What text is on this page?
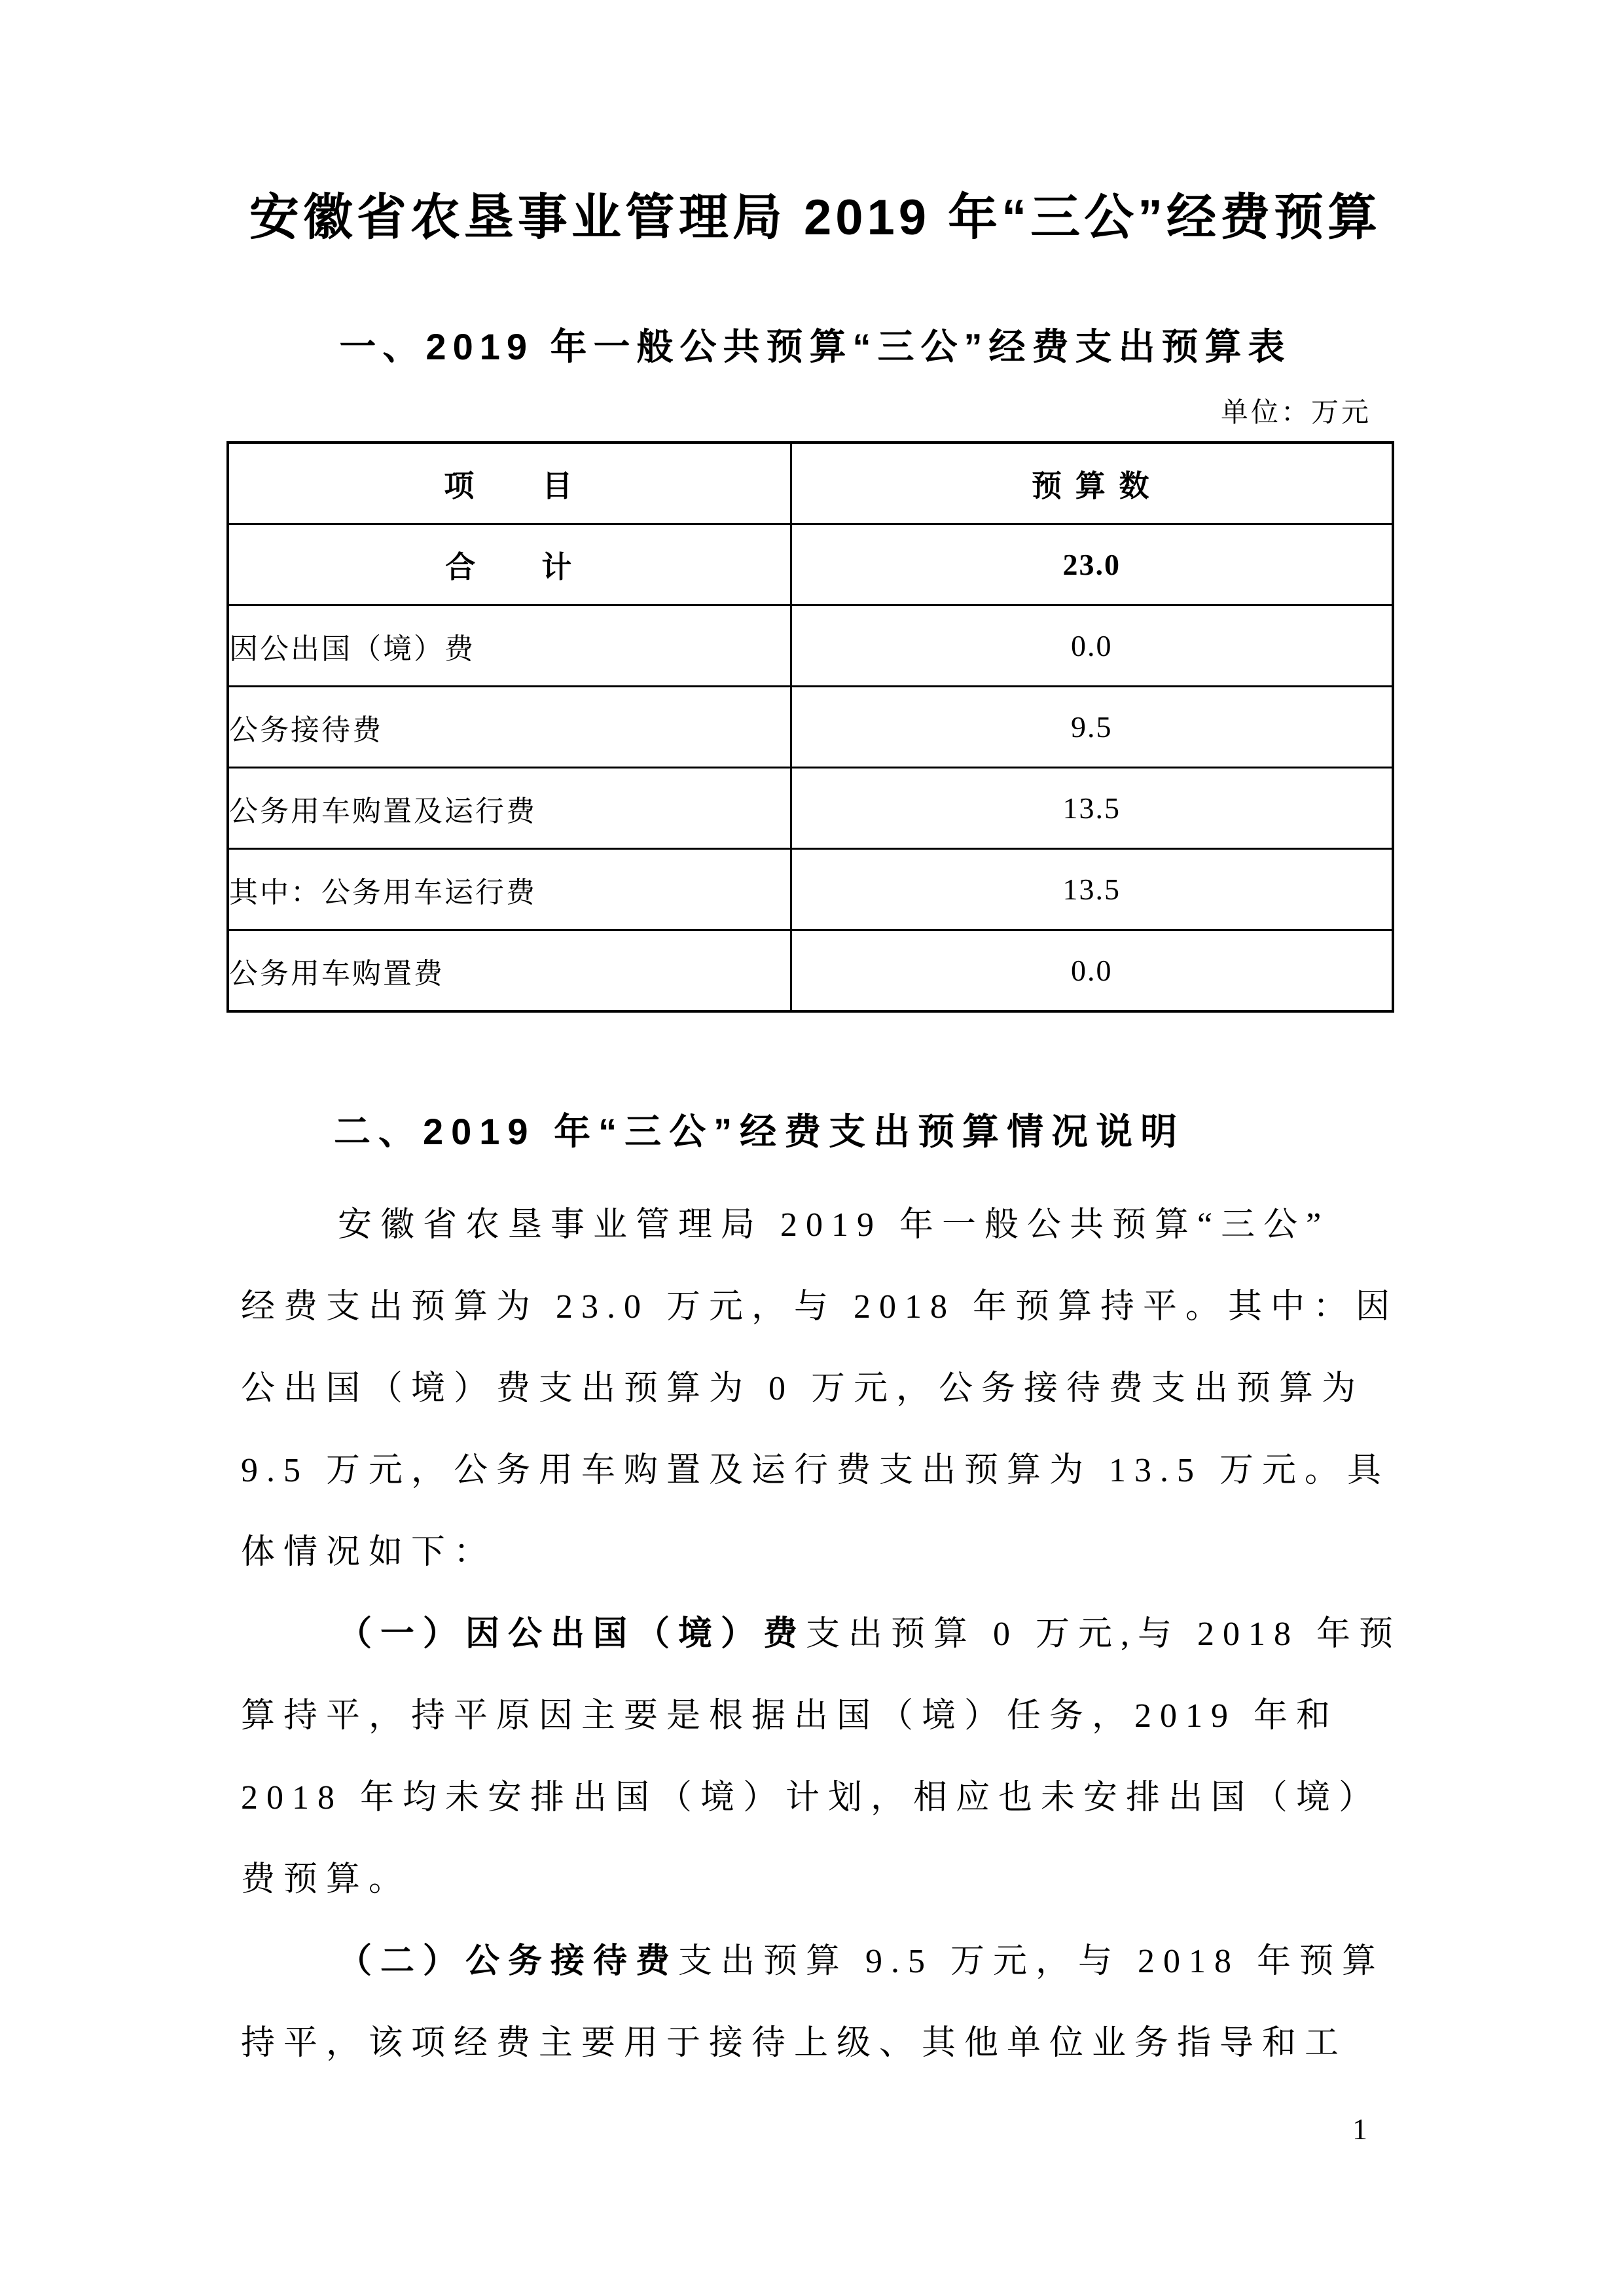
安徽省农垦事业管理局 2019 年“三公”经费预算
一、2019 年一般公共预算“三公”经费支出预算表
单位：万元
项　　目	预 算 数
合　　计	23.0
因公出国（境）费	0.0
公务接待费	9.5
公务用车购置及运行费	13.5
其中：公务用车运行费	13.5
公务用车购置费	0.0
二、2019 年“三公”经费支出预算情况说明
安徽省农垦事业管理局 2019 年一般公共预算“三公”
经费支出预算为 23.0 万元，与 2018 年预算持平。其中：因
公出国（境）费支出预算为 0 万元，公务接待费支出预算为
9.5 万元，公务用车购置及运行费支出预算为 13.5 万元。具
体情况如下：
（一）因公出国（境）费支出预算 0 万元,与 2018 年预
算持平，持平原因主要是根据出国（境）任务，2019 年和
2018 年均未安排出国（境）计划，相应也未安排出国（境）
费预算。
（二）公务接待费支出预算 9.5 万元，与 2018 年预算
持平，该项经费主要用于接待上级、其他单位业务指导和工
1
